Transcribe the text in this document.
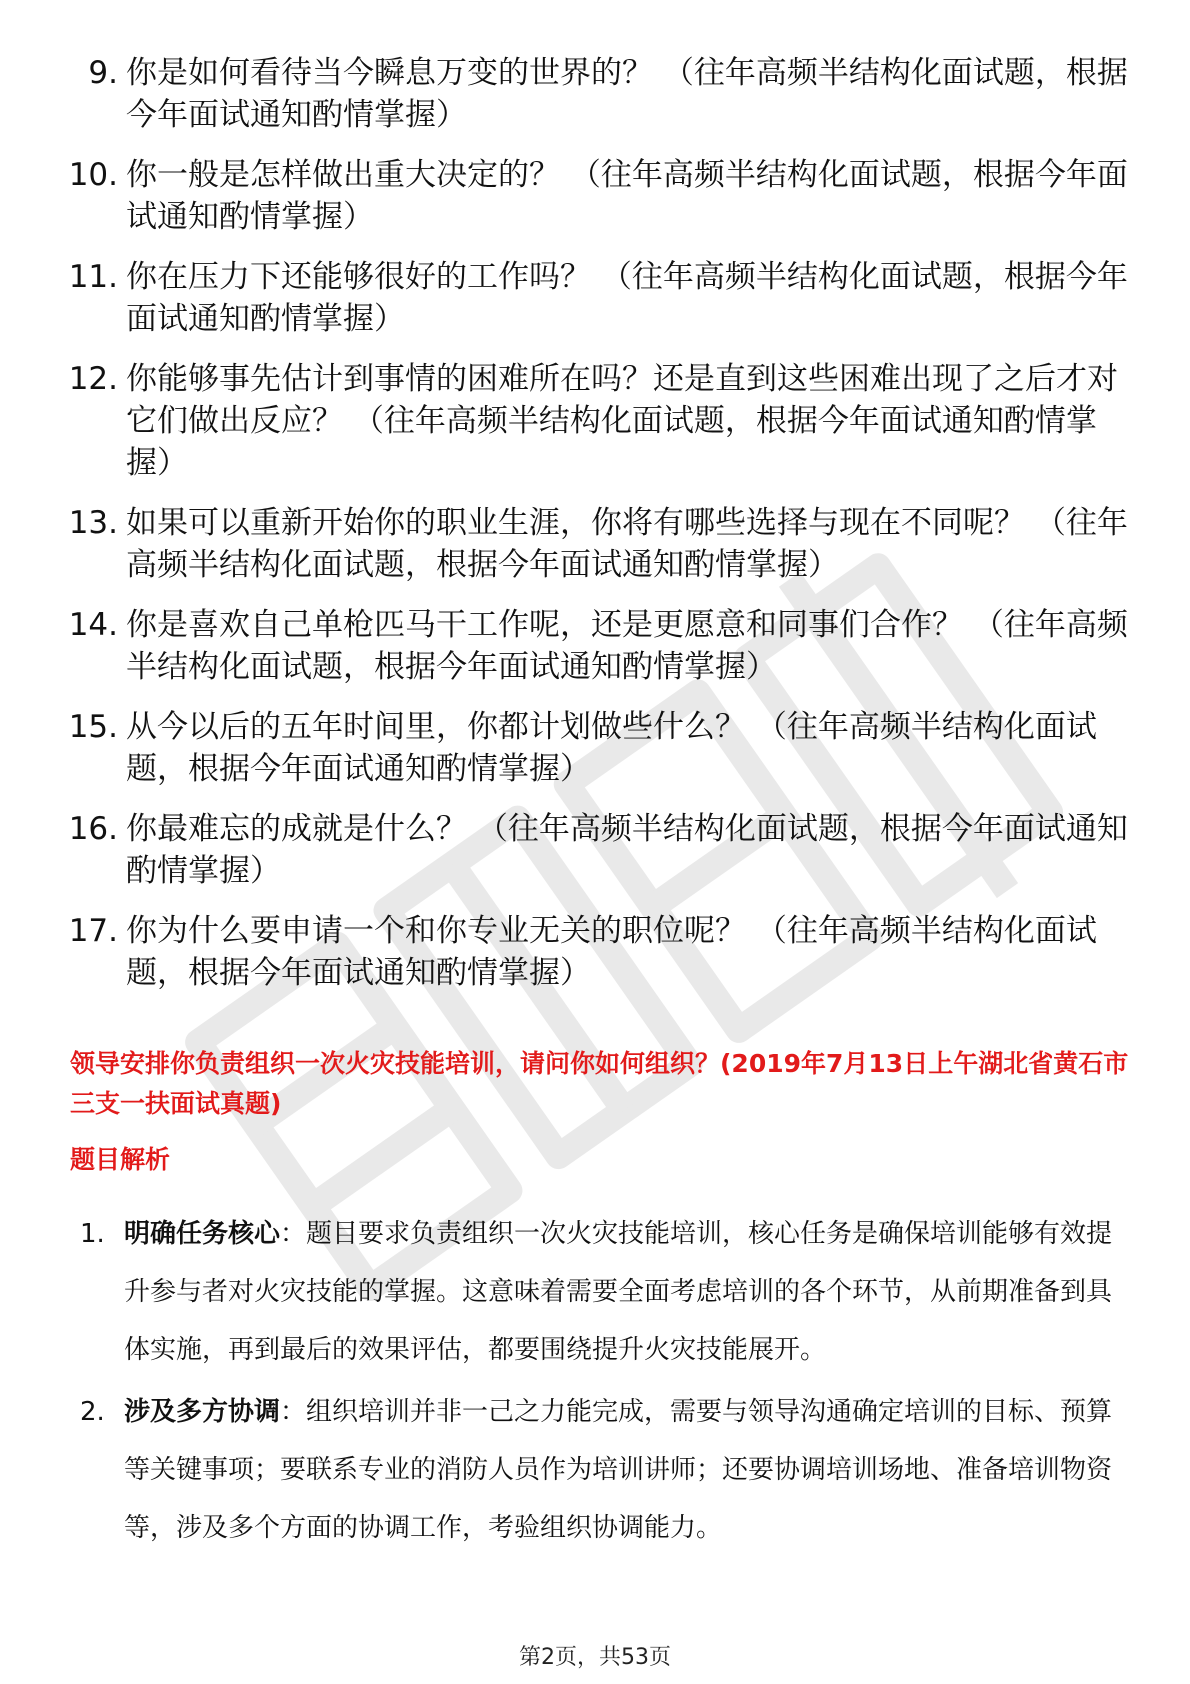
9. 你是如何看待当今瞬息万变的世界的？ （往年高频半结构化面试题，根据今年面试通知酌情掌握）
10. 你一般是怎样做出重大决定的？ （往年高频半结构化面试题，根据今年面试通知酌情掌握）
11. 你在压力下还能够很好的工作吗？ （往年高频半结构化面试题，根据今年面试通知酌情掌握）
12. 你能够事先估计到事情的困难所在吗？还是直到这些困难出现了之后才对它们做出反应？ （往年高频半结构化面试题，根据今年面试通知酌情掌握）
13. 如果可以重新开始你的职业生涯，你将有哪些选择与现在不同呢？ （往年高频半结构化面试题，根据今年面试通知酌情掌握）
14. 你是喜欢自己单枪匹马干工作呢，还是更愿意和同事们合作？ （往年高频半结构化面试题，根据今年面试通知酌情掌握）
15. 从今以后的五年时间里，你都计划做些什么？ （往年高频半结构化面试题，根据今年面试通知酌情掌握）
16. 你最难忘的成就是什么？ （往年高频半结构化面试题，根据今年面试通知酌情掌握）
17. 你为什么要申请一个和你专业无关的职位呢？ （往年高频半结构化面试题，根据今年面试通知酌情掌握）
领导安排你负责组织一次火灾技能培训，请问你如何组织？(2019年7月13日上午湖北省黄石市三支一扶面试真题)
题目解析
1. 明确任务核心：题目要求负责组织一次火灾技能培训，核心任务是确保培训能够有效提升参与者对火灾技能的掌握。这意味着需要全面考虑培训的各个环节，从前期准备到具体实施，再到最后的效果评估，都要围绕提升火灾技能展开。
2. 涉及多方协调：组织培训并非一己之力能完成，需要与领导沟通确定培训的目标、预算等关键事项；要联系专业的消防人员作为培训讲师；还要协调培训场地、准备培训物资等，涉及多个方面的协调工作，考验组织协调能力。
第2页，共53页
